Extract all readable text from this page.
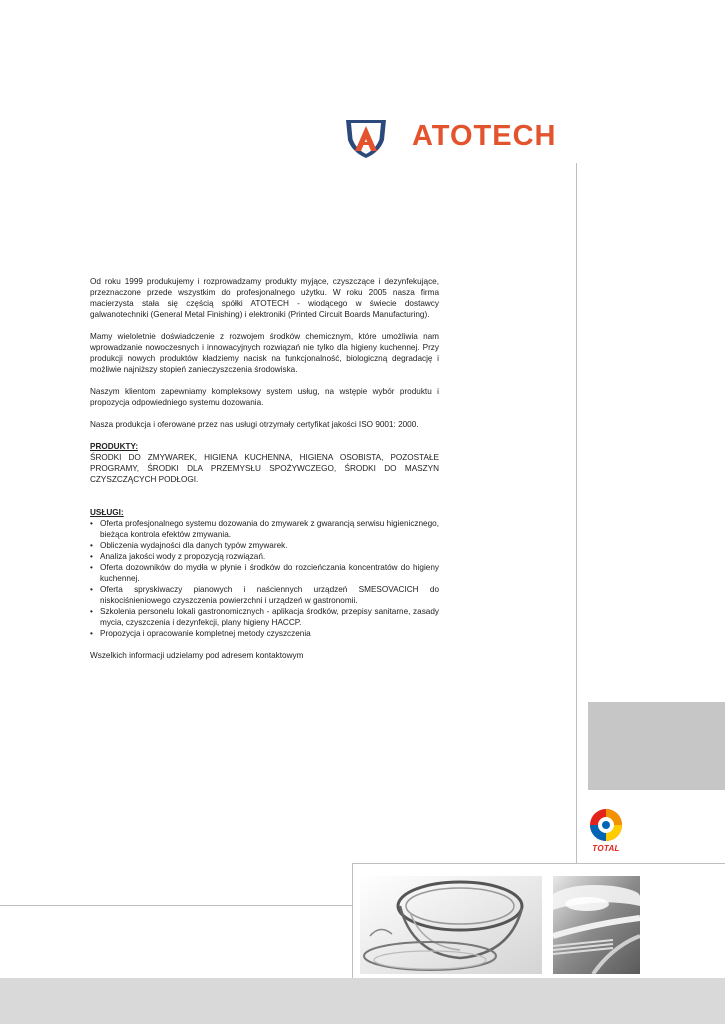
ATOTECH

Od roku 1999 produkujemy i rozprowadzamy produkty myjące, czyszczące i dezynfekujące, przeznaczone przede wszystkim do profesjonalnego użytku. W roku 2005 nasza firma macierzysta stała się częścią spółki ATOTECH - wiodącego w świecie dostawcy galwanotechniki (General Metal Finishing) i elektroniki (Printed Circuit Boards Manufacturing).

Mamy wieloletnie doświadczenie z rozwojem środków chemicznym, które umożliwia nam wprowadzanie nowoczesnych i innowacyjnych rozwiązań nie tylko dla higieny kuchennej. Przy produkcji nowych produktów kładziemy nacisk na funkcjonalność, biologiczną degradację i możliwie najniższy stopień zanieczyszczenia środowiska.

Naszym klientom zapewniamy kompleksowy system usług, na wstępie wybór produktu i propozycja odpowiedniego systemu dozowania.

Nasza produkcja i oferowane przez nas usługi otrzymały certyfikat jakości ISO 9001: 2000.

PRODUKTY:

ŚRODKI DO ZMYWAREK, HIGIENA KUCHENNA, HIGIENA OSOBISTA, POZOSTAŁE PROGRAMY, ŚRODKI DLA PRZEMYSŁU SPOŻYWCZEGO, ŚRODKI DO MASZYN CZYSZCZĄCYCH PODŁOGI.

USŁUGI:
• Oferta profesjonalnego systemu dozowania do zmywarek z gwarancją serwisu higienicznego, bieżąca kontrola efektów zmywania.
• Obliczenia wydajności dla danych typów zmywarek.
• Analiza jakości wody z propozycją rozwiązań.
• Oferta dozowników do mydła w płynie i środków do rozcieńczania koncentratów do higieny kuchennej.
• Oferta spryskiwaczy pianowych i naściennych urządzeń SMESOVACICH do niskociśnieniowego czyszczenia powierzchni i urządzeń w gastronomii.
• Szkolenia personelu lokali gastronomicznych - aplikacja środków, przepisy sanitarne, zasady mycia, czyszczenia i dezynfekcji, plany higieny HACCP.
• Propozycja i opracowanie kompletnej metody czyszczenia

Wszelkich informacji udzielamy pod adresem kontaktowym

TOTAL
